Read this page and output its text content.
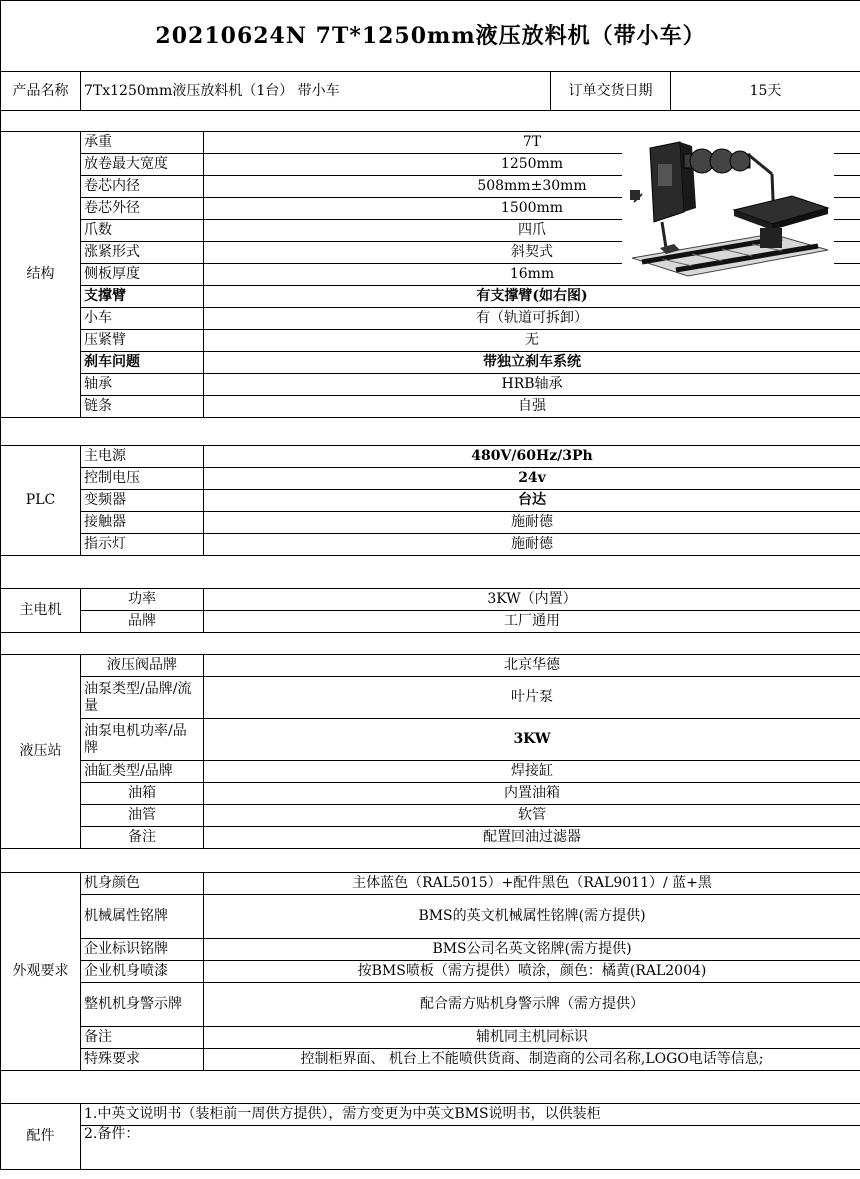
20210624N 7T*1250mm液压放料机（带小车）				
产品名称	7Tx1250mm液压放料机（1台） 带小车		订单交货日期	15天

结构	承重	7T		
	放卷最大宽度	1250mm		
	卷芯内径	508mm±30mm		
	卷芯外径	1500mm		
	爪数	四爪		
	涨紧形式	斜契式		
	侧板厚度	16mm		
	支撑臂	有支撑臂(如右图)		
	小车	有（轨道可拆卸）		
	压紧臂	无		
	刹车问题	带独立刹车系统		
	轴承	HRB轴承		
	链条	自强		

PLC	主电源	480V/60Hz/3Ph		
	控制电压	24v		
	变频器	台达		
	接触器	施耐德		
	指示灯	施耐德		

主电机	功率	3KW（内置）		
	品牌	工厂通用		

液压站	液压阀品牌	北京华德		
	油泵类型/品牌/流量	叶片泵		
	油泵电机功率/品牌	3KW		
	油缸类型/品牌	焊接缸		
	油箱	内置油箱		
	油管	软管		
	备注	配置回油过滤器		

外观要求	机身颜色	主体蓝色（RAL5015）+配件黑色（RAL9011）/ 蓝+黑		
	机械属性铭牌	BMS的英文机械属性铭牌(需方提供)		
	企业标识铭牌	BMS公司名英文铭牌(需方提供)		
	企业机身喷漆	按BMS喷板（需方提供）喷涂，颜色：橘黄(RAL2004)		
	整机机身警示牌	配合需方贴机身警示牌（需方提供）		
	备注	辅机同主机同标识		
	特殊要求	控制柜界面、 机台上不能喷供货商、制造商的公司名称,LOGO电话等信息;		

配件	1.中英文说明书（装柜前一周供方提供），需方变更为中英文BMS说明书，以供装柜			
	2.备件：			
